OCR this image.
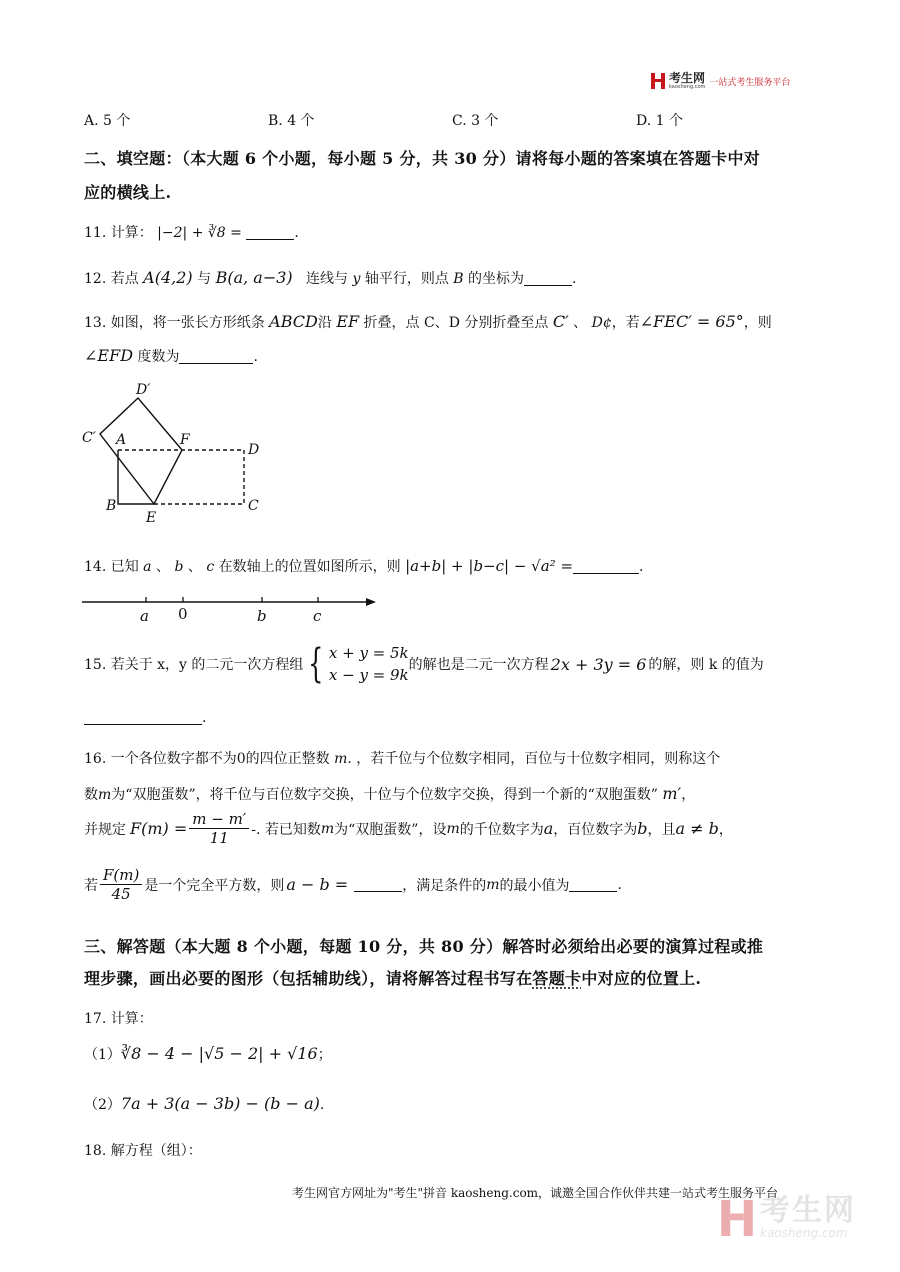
考生网
kaosheng.com 一站式考生服务平台
A. 5 个	B. 4 个	C. 3 个	D. 1 个
二、填空题：（本大题 6 个小题，每小题 5 分，共 30 分）请将每小题的答案填在答题卡中对
应的横线上.
11. 计算： |−2| + ∛8 =	.
12. 若点 A(4,2) 与 B(a, a−3) 连线与 y 轴平行，则点 B 的坐标为	.
13. 如图，将一张长方形纸条 ABCD沿 EF 折叠，点 C、D 分别折叠至点 C′ 、 D¢，若∠FEC′ = 65°，则
∠EFD 度数为	.
D′
C′ A	F
D
B
E
C
14. 已知 a 、 b 、 c 在数轴上的位置如图所示，则 |a+b| + |b−c| − √a² =	.
a 0	b	c
15. 若关于 x，y 的二元一次方程组 { x + y = 5k
x − y = 9k
的解也是二元一次方程 2x + 3y = 6 的解，则 k 的值为
.
16. 一个各位数字都不为0的四位正整数 m. ，若千位与个位数字相同，百位与十位数字相同，则称这个
数m为“双胞蛋数”，将千位与百位数字交换，十位与个位数字交换，得到一个新的“双胞蛋数” m′，
并规定 $F(m) = \frac{m - m'}{11}$ -. 若已知数 m 为“双胞蛋数”，设 m 的千位数字为 a ，百位数字为 b ，且 a ≠ b ，
若 $\frac{F(m)}{45}$ 是一个完全平方数，则 a − b =	，满足条件的 m 的最小值为	.
三、解答题（本大题 8 个小题，每题 10 分，共 80 分）解答时必须给出必要的演算过程或推
理步骤，画出必要的图形（包括辅助线），请将解答过程书写在答题卡中对应的位置上.
17. 计算：
（1）∛8 − 4 − |√5 − 2| + √16；
（2）7a + 3(a − 3b) − (b − a).
18. 解方程（组）：
考生网官方网址为"考生"拼音 kaosheng.com，诚邀全国合作伙伴共建一站式考生服务平台
考生网
kaosheng.com
